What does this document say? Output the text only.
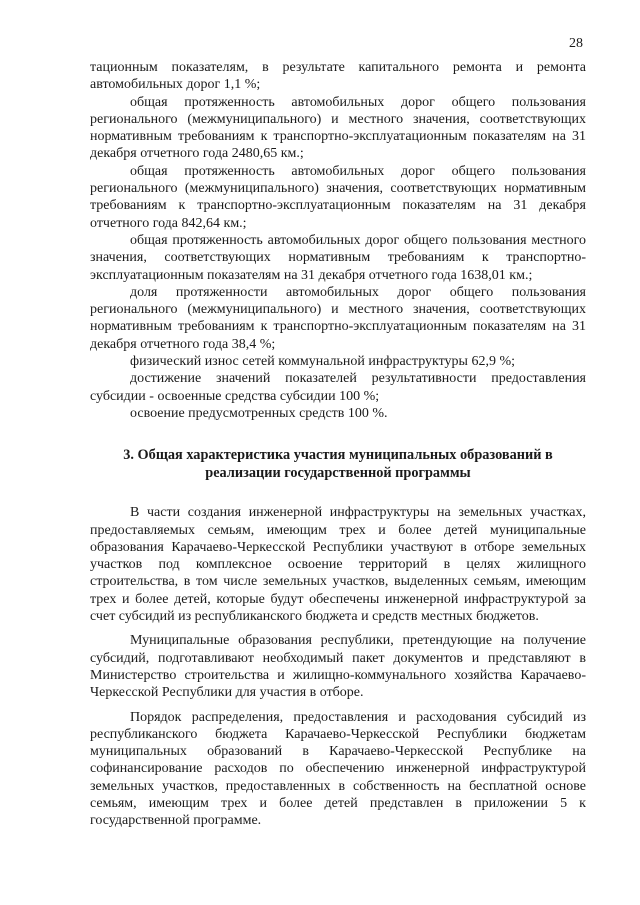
28

тационным показателям, в результате капитального ремонта и ремонта автомобильных дорог 1,1 %;

общая протяженность автомобильных дорог общего пользования регионального (межмуниципального) и местного значения, соответствующих нормативным требованиям к транспортно-эксплуатационным показателям на 31 декабря отчетного года 2480,65 км.;

общая протяженность автомобильных дорог общего пользования регионального (межмуниципального) значения, соответствующих нормативным требованиям к транспортно-эксплуатационным показателям на 31 декабря отчетного года 842,64 км.;

общая протяженность автомобильных дорог общего пользования местного значения, соответствующих нормативным требованиям к транспортно-эксплуатационным показателям на 31 декабря отчетного года 1638,01 км.;

доля протяженности автомобильных дорог общего пользования регионального (межмуниципального) и местного значения, соответствующих нормативным требованиям к транспортно-эксплуатационным показателям на 31 декабря отчетного года 38,4 %;

физический износ сетей коммунальной инфраструктуры 62,9 %;

достижение значений показателей результативности предоставления субсидии - освоенные средства субсидии 100 %;

освоение предусмотренных средств 100 %.

3. Общая характеристика участия муниципальных образований в
реализации государственной программы

В части создания инженерной инфраструктуры на земельных участках, предоставляемых семьям, имеющим трех и более детей муниципальные образования Карачаево-Черкесской Республики участвуют в отборе земельных участков под комплексное освоение территорий в целях жилищного строительства, в том числе земельных участков, выделенных семьям, имеющим трех и более детей, которые будут обеспечены инженерной инфраструктурой за счет субсидий из республиканского бюджета и средств местных бюджетов.

Муниципальные образования республики, претендующие на получение субсидий, подготавливают необходимый пакет документов и представляют в Министерство строительства и жилищно-коммунального хозяйства Карачаево-Черкесской Республики для участия в отборе.

Порядок распределения, предоставления и расходования субсидий из республиканского бюджета Карачаево-Черкесской Республики бюджетам муниципальных образований в Карачаево-Черкесской Республике на софинансирование расходов по обеспечению инженерной инфраструктурой земельных участков, предоставленных в собственность на бесплатной основе семьям, имеющим трех и более детей представлен в приложении 5 к государственной программе.
